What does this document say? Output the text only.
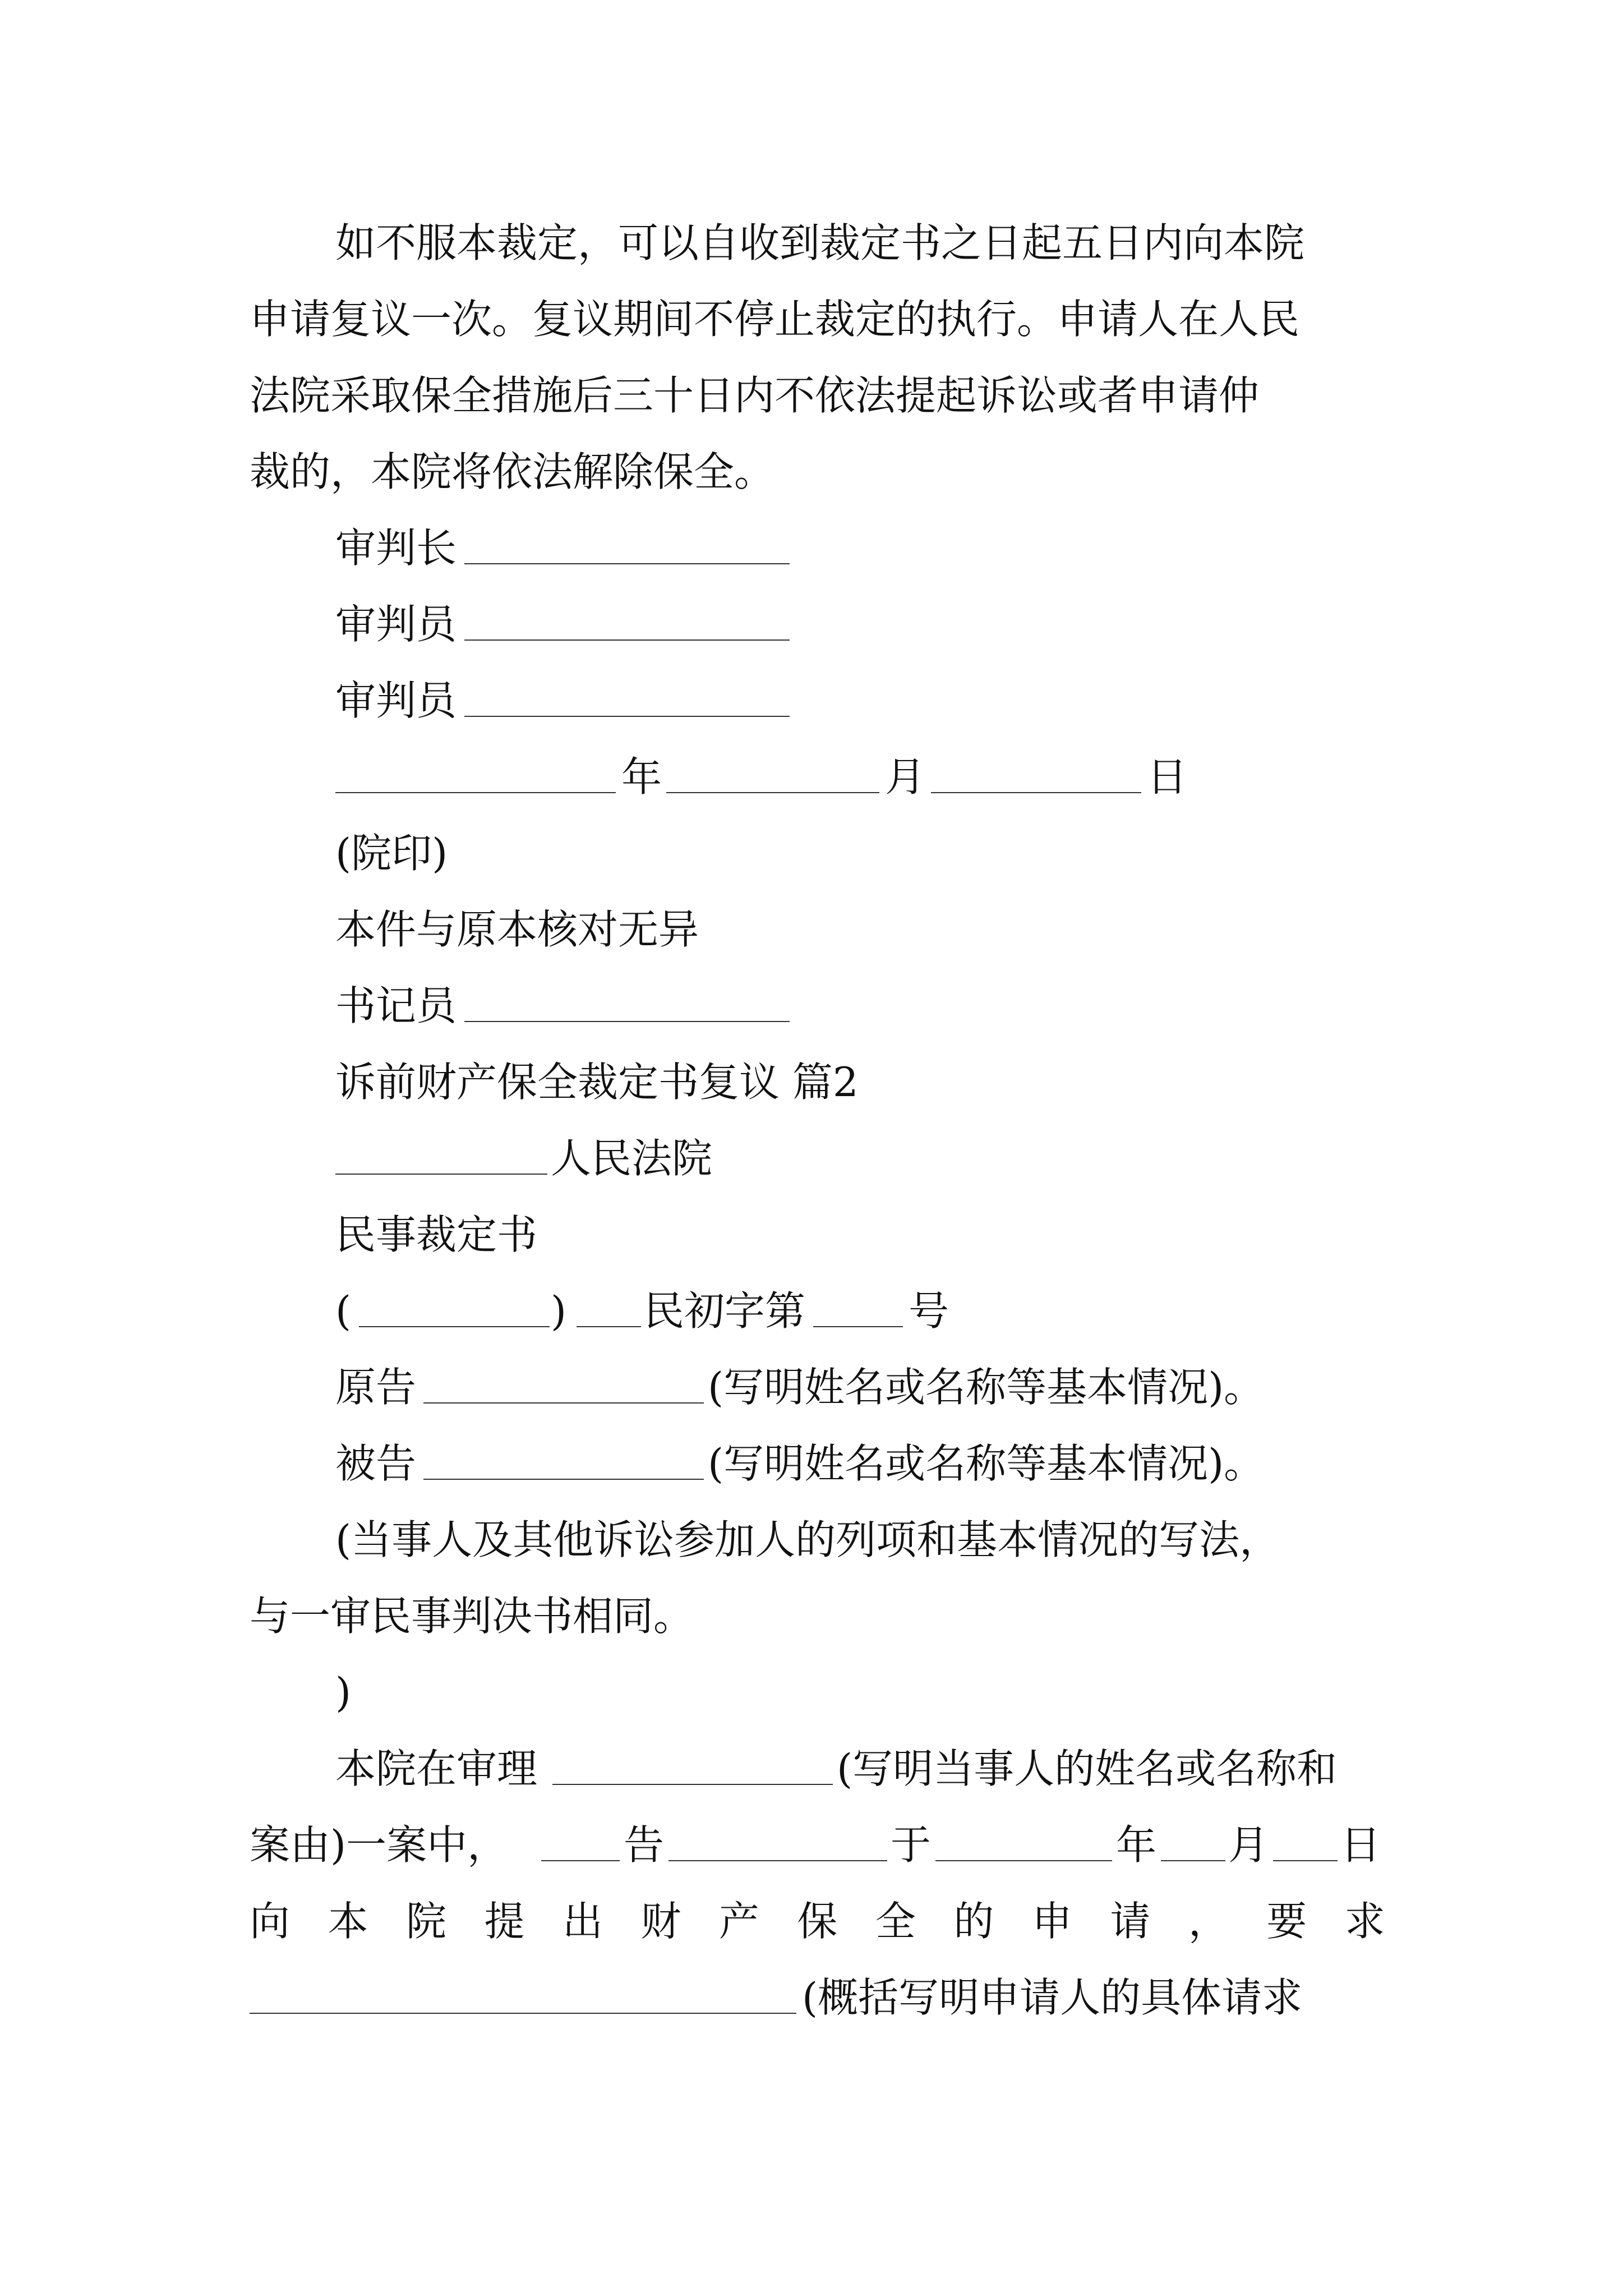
如不服本裁定，可以自收到裁定书之日起五日内向本院
申请复议一次。复议期间不停止裁定的执行。申请人在人民
法院采取保全措施后三十日内不依法提起诉讼或者申请仲
裁的，本院将依法解除保全。
审判长
审判员
审判员
年	月	日
(院印)
本件与原本核对无异
书记员
诉前财产保全裁定书复议 篇2
人民法院
民事裁定书
(	) 民初字第	号
原告	(写明姓名或名称等基本情况)。
被告	(写明姓名或名称等基本情况)。
(当事人及其他诉讼参加人的列项和基本情况的写法，
与一审民事判决书相同。
)
本院在审理	(写明当事人的姓名或名称和
案由)一案中，	告	于	年 月 日
向 本 院 提 出 财 产 保 全 的 申 请 ， 要 求
(概括写明申请人的具体请求
